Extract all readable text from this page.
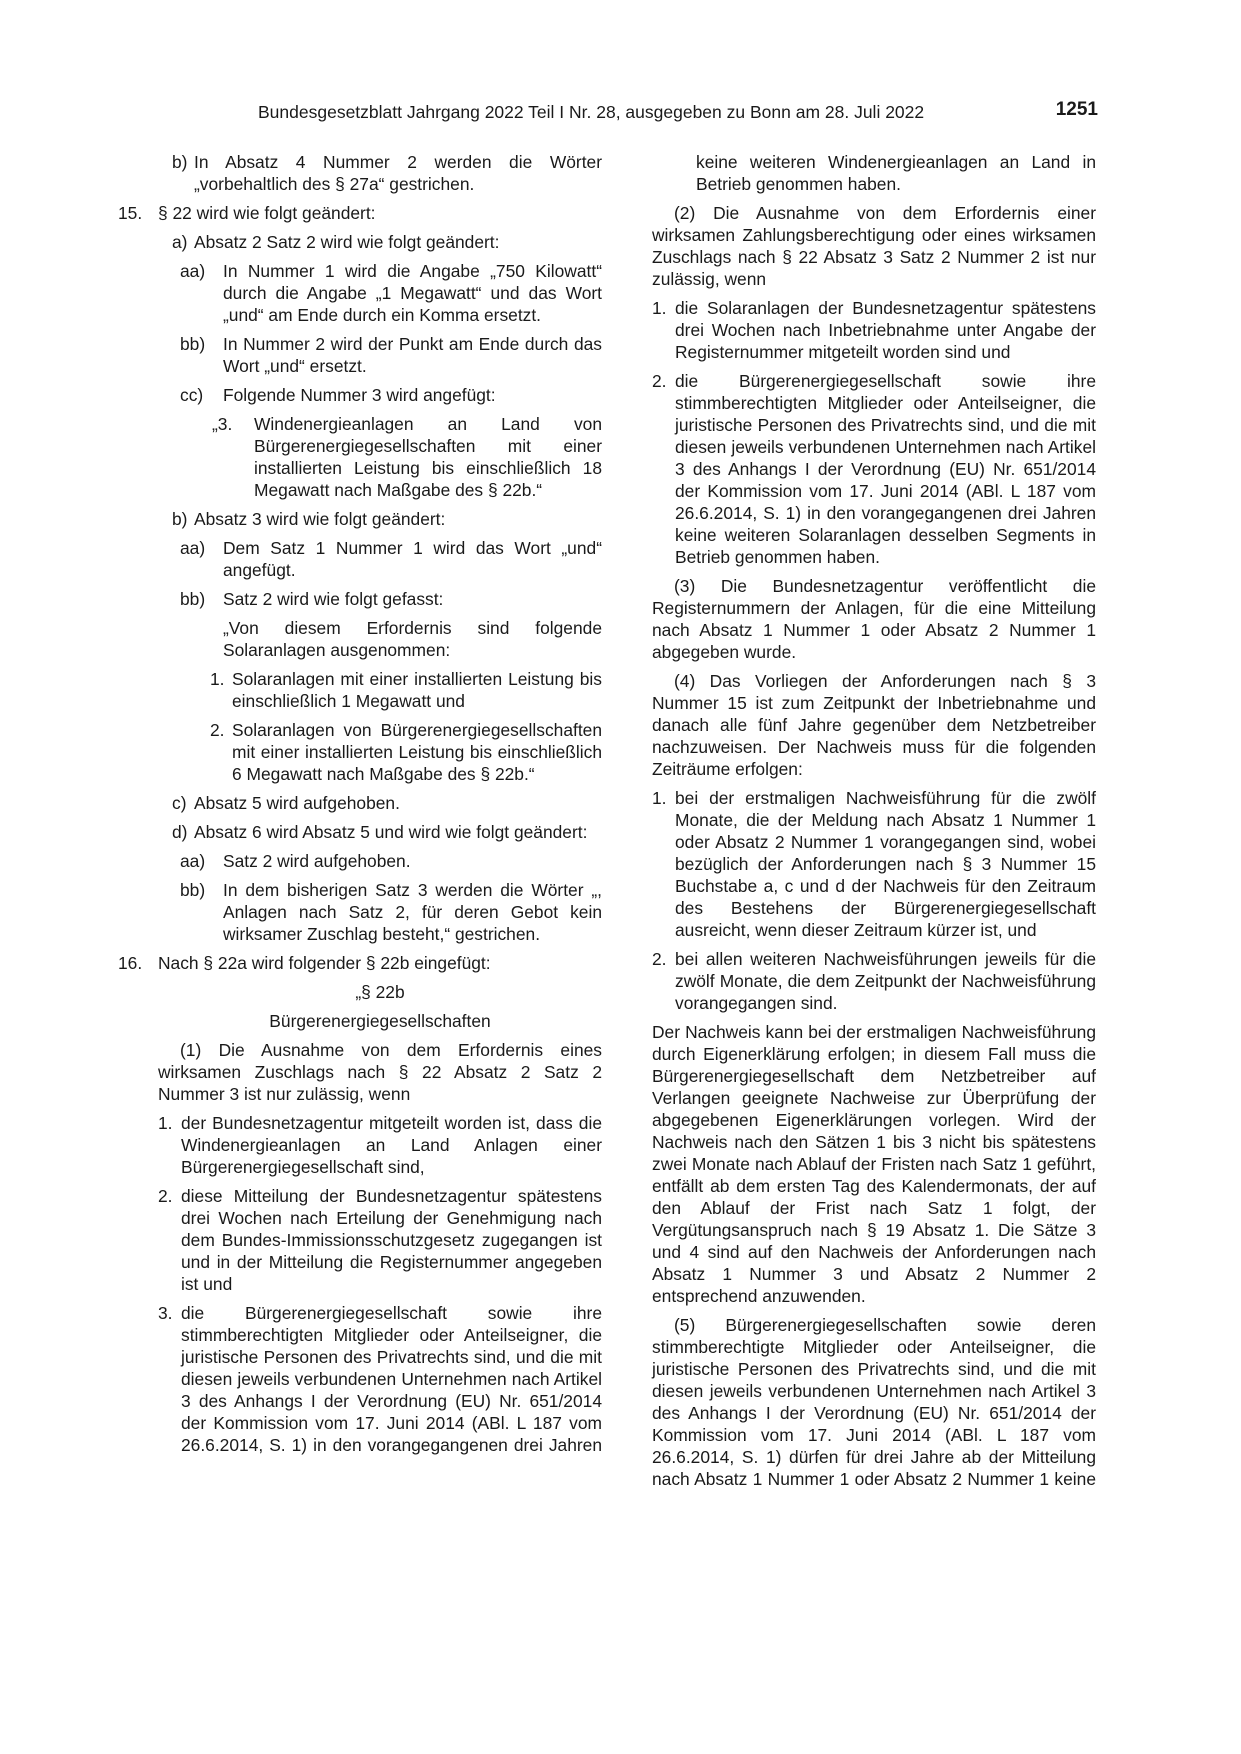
Bundesgesetzblatt Jahrgang 2022 Teil I Nr. 28, ausgegeben zu Bonn am 28. Juli 2022	1251
b) In Absatz 4 Nummer 2 werden die Wörter „vorbehaltlich des § 27a“ gestrichen.
15. § 22 wird wie folgt geändert:
a) Absatz 2 Satz 2 wird wie folgt geändert:
aa) In Nummer 1 wird die Angabe „750 Kilowatt“ durch die Angabe „1 Megawatt“ und das Wort „und“ am Ende durch ein Komma ersetzt.
bb) In Nummer 2 wird der Punkt am Ende durch das Wort „und“ ersetzt.
cc) Folgende Nummer 3 wird angefügt:
„3. Windenergieanlagen an Land von Bürgerenergiegesellschaften mit einer installierten Leistung bis einschließlich 18 Megawatt nach Maßgabe des § 22b.“
b) Absatz 3 wird wie folgt geändert:
aa) Dem Satz 1 Nummer 1 wird das Wort „und“ angefügt.
bb) Satz 2 wird wie folgt gefasst:
„Von diesem Erfordernis sind folgende Solaranlagen ausgenommen:
1. Solaranlagen mit einer installierten Leistung bis einschließlich 1 Megawatt und
2. Solaranlagen von Bürgerenergiegesellschaften mit einer installierten Leistung bis einschließlich 6 Megawatt nach Maßgabe des § 22b.“
c) Absatz 5 wird aufgehoben.
d) Absatz 6 wird Absatz 5 und wird wie folgt geändert:
aa) Satz 2 wird aufgehoben.
bb) In dem bisherigen Satz 3 werden die Wörter „, Anlagen nach Satz 2, für deren Gebot kein wirksamer Zuschlag besteht,“ gestrichen.
16. Nach § 22a wird folgender § 22b eingefügt:
„§ 22b
Bürgerenergiegesellschaften
(1) Die Ausnahme von dem Erfordernis eines wirksamen Zuschlags nach § 22 Absatz 2 Satz 2 Nummer 3 ist nur zulässig, wenn
1. der Bundesnetzagentur mitgeteilt worden ist, dass die Windenergieanlagen an Land Anlagen einer Bürgerenergiegesellschaft sind,
2. diese Mitteilung der Bundesnetzagentur spätestens drei Wochen nach Erteilung der Genehmigung nach dem Bundes-Immissionsschutzgesetz zugegangen ist und in der Mitteilung die Registernummer angegeben ist und
3. die Bürgerenergiegesellschaft sowie ihre stimmberechtigten Mitglieder oder Anteilseigner, die juristische Personen des Privatrechts sind, und die mit diesen jeweils verbundenen Unternehmen nach Artikel 3 des Anhangs I der Verordnung (EU) Nr. 651/2014 der Kommission vom 17. Juni 2014 (ABl. L 187 vom 26.6.2014, S. 1) in den vorangegangenen drei Jahren
keine weiteren Windenergieanlagen an Land in Betrieb genommen haben.
(2) Die Ausnahme von dem Erfordernis einer wirksamen Zahlungsberechtigung oder eines wirksamen Zuschlags nach § 22 Absatz 3 Satz 2 Nummer 2 ist nur zulässig, wenn
1. die Solaranlagen der Bundesnetzagentur spätestens drei Wochen nach Inbetriebnahme unter Angabe der Registernummer mitgeteilt worden sind und
2. die Bürgerenergiegesellschaft sowie ihre stimmberechtigten Mitglieder oder Anteilseigner, die juristische Personen des Privatrechts sind, und die mit diesen jeweils verbundenen Unternehmen nach Artikel 3 des Anhangs I der Verordnung (EU) Nr. 651/2014 der Kommission vom 17. Juni 2014 (ABl. L 187 vom 26.6.2014, S. 1) in den vorangegangenen drei Jahren keine weiteren Solaranlagen desselben Segments in Betrieb genommen haben.
(3) Die Bundesnetzagentur veröffentlicht die Registernummern der Anlagen, für die eine Mitteilung nach Absatz 1 Nummer 1 oder Absatz 2 Nummer 1 abgegeben wurde.
(4) Das Vorliegen der Anforderungen nach § 3 Nummer 15 ist zum Zeitpunkt der Inbetriebnahme und danach alle fünf Jahre gegenüber dem Netzbetreiber nachzuweisen. Der Nachweis muss für die folgenden Zeiträume erfolgen:
1. bei der erstmaligen Nachweisführung für die zwölf Monate, die der Meldung nach Absatz 1 Nummer 1 oder Absatz 2 Nummer 1 vorangegangen sind, wobei bezüglich der Anforderungen nach § 3 Nummer 15 Buchstabe a, c und d der Nachweis für den Zeitraum des Bestehens der Bürgerenergiegesellschaft ausreicht, wenn dieser Zeitraum kürzer ist, und
2. bei allen weiteren Nachweisführungen jeweils für die zwölf Monate, die dem Zeitpunkt der Nachweisführung vorangegangen sind.
Der Nachweis kann bei der erstmaligen Nachweisführung durch Eigenerklärung erfolgen; in diesem Fall muss die Bürgerenergiegesellschaft dem Netzbetreiber auf Verlangen geeignete Nachweise zur Überprüfung der abgegebenen Eigenerklärungen vorlegen. Wird der Nachweis nach den Sätzen 1 bis 3 nicht bis spätestens zwei Monate nach Ablauf der Fristen nach Satz 1 geführt, entfällt ab dem ersten Tag des Kalendermonats, der auf den Ablauf der Frist nach Satz 1 folgt, der Vergütungsanspruch nach § 19 Absatz 1. Die Sätze 3 und 4 sind auf den Nachweis der Anforderungen nach Absatz 1 Nummer 3 und Absatz 2 Nummer 2 entsprechend anzuwenden.
(5) Bürgerenergiegesellschaften sowie deren stimmberechtigte Mitglieder oder Anteilseigner, die juristische Personen des Privatrechts sind, und die mit diesen jeweils verbundenen Unternehmen nach Artikel 3 des Anhangs I der Verordnung (EU) Nr. 651/2014 der Kommission vom 17. Juni 2014 (ABl. L 187 vom 26.6.2014, S. 1) dürfen für drei Jahre ab der Mitteilung nach Absatz 1 Nummer 1 oder Absatz 2 Nummer 1 keine
